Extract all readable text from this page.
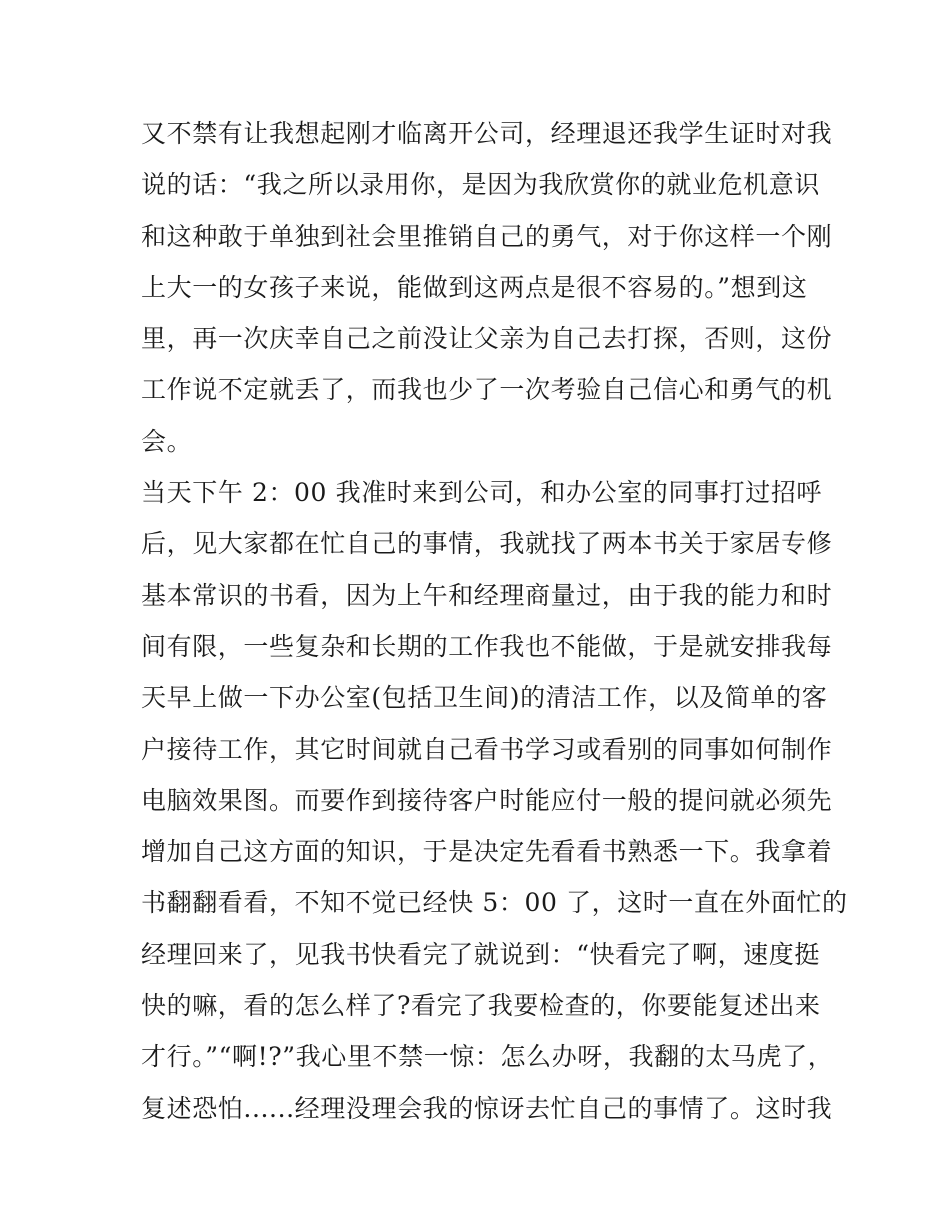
又不禁有让我想起刚才临离开公司，经理退还我学生证时对我
说的话：“我之所以录用你，是因为我欣赏你的就业危机意识
和这种敢于单独到社会里推销自己的勇气，对于你这样一个刚
上大一的女孩子来说，能做到这两点是很不容易的。”想到这
里，再一次庆幸自己之前没让父亲为自己去打探，否则，这份
工作说不定就丢了，而我也少了一次考验自己信心和勇气的机
会。
当天下午 2：00 我准时来到公司，和办公室的同事打过招呼
后，见大家都在忙自己的事情，我就找了两本书关于家居专修
基本常识的书看，因为上午和经理商量过，由于我的能力和时
间有限，一些复杂和长期的工作我也不能做，于是就安排我每
天早上做一下办公室(包括卫生间)的清洁工作，以及简单的客
户接待工作，其它时间就自己看书学习或看别的同事如何制作
电脑效果图。而要作到接待客户时能应付一般的提问就必须先
增加自己这方面的知识，于是决定先看看书熟悉一下。我拿着
书翻翻看看，不知不觉已经快 5：00 了，这时一直在外面忙的
经理回来了，见我书快看完了就说到：“快看完了啊，速度挺
快的嘛，看的怎么样了?看完了我要检查的，你要能复述出来
才行。”“啊!?”我心里不禁一惊：怎么办呀，我翻的太马虎了，
复述恐怕......经理没理会我的惊讶去忙自己的事情了。这时我
